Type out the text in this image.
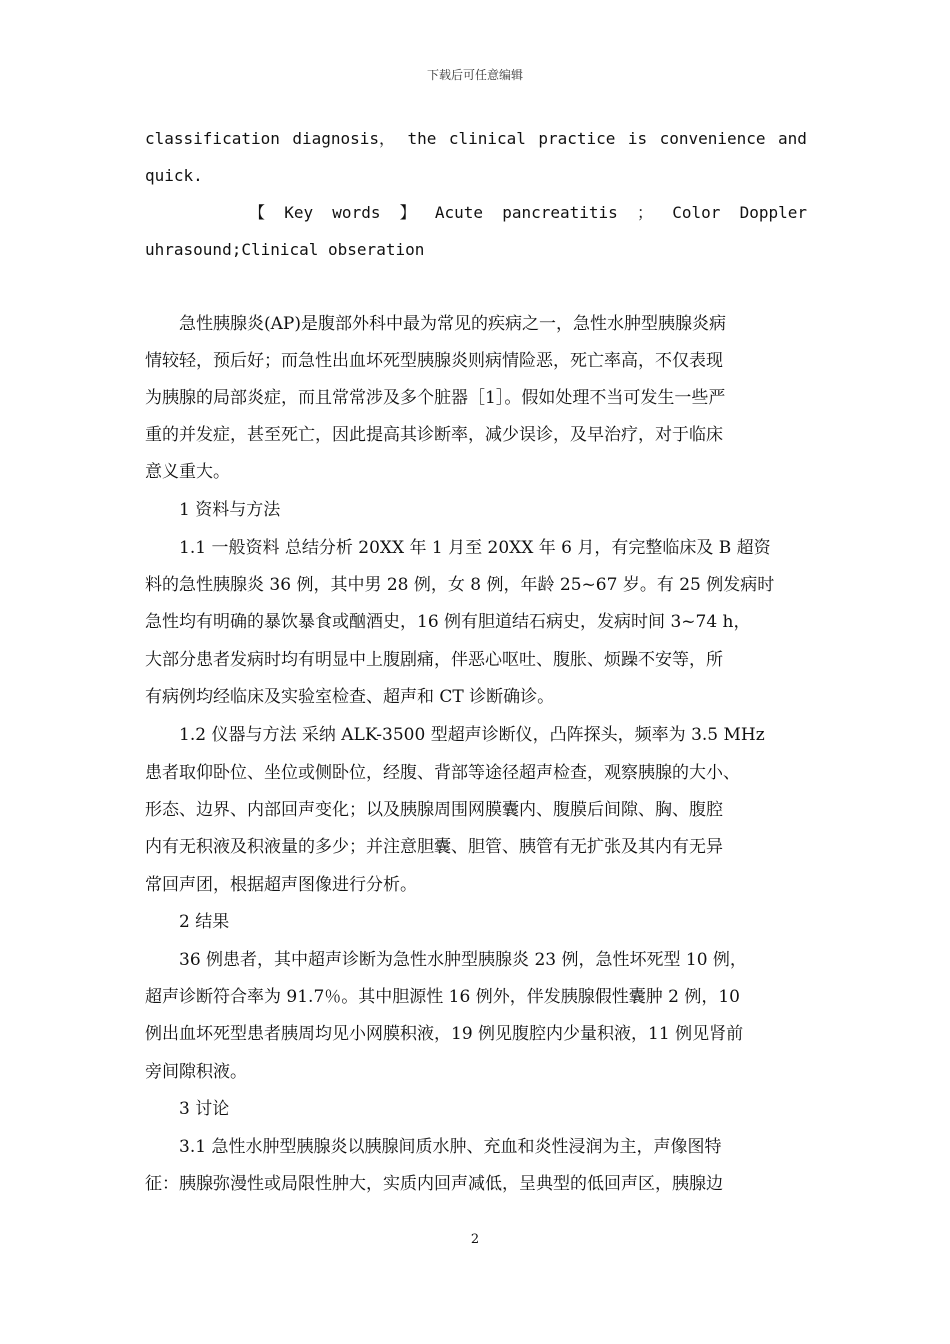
下载后可任意编辑
classification diagnosis， the clinical practice is convenience and
quick.
【 Key words 】 Acute pancreatitis ； Color Doppler
uhrasound;Clinical obseration
　　急性胰腺炎(AP)是腹部外科中最为常见的疾病之一，急性水肿型胰腺炎病
情较轻，预后好；而急性出血坏死型胰腺炎则病情险恶，死亡率高，不仅表现
为胰腺的局部炎症，而且常常涉及多个脏器［1］。假如处理不当可发生一些严
重的并发症，甚至死亡，因此提高其诊断率，减少误诊，及早治疗，对于临床
意义重大。
　　1 资料与方法
　　1.1 一般资料 总结分析 20XX 年 1 月至 20XX 年 6 月，有完整临床及 B 超资
料的急性胰腺炎 36 例，其中男 28 例，女 8 例，年龄 25~67 岁。有 25 例发病时
急性均有明确的暴饮暴食或酗酒史，16 例有胆道结石病史，发病时间 3~74 h，
大部分患者发病时均有明显中上腹剧痛，伴恶心呕吐、腹胀、烦躁不安等，所
有病例均经临床及实验室检查、超声和 CT 诊断确诊。
　　1.2 仪器与方法 采纳 ALK-3500 型超声诊断仪，凸阵探头，频率为 3.5 MHz
患者取仰卧位、坐位或侧卧位，经腹、背部等途径超声检查，观察胰腺的大小、
形态、边界、内部回声变化；以及胰腺周围网膜囊内、腹膜后间隙、胸、腹腔
内有无积液及积液量的多少；并注意胆囊、胆管、胰管有无扩张及其内有无异
常回声团，根据超声图像进行分析。
　　2 结果
　　36 例患者，其中超声诊断为急性水肿型胰腺炎 23 例，急性坏死型 10 例，
超声诊断符合率为 91.7％。其中胆源性 16 例外，伴发胰腺假性囊肿 2 例，10
例出血坏死型患者胰周均见小网膜积液，19 例见腹腔内少量积液，11 例见肾前
旁间隙积液。
　　3 讨论
　　3.1 急性水肿型胰腺炎以胰腺间质水肿、充血和炎性浸润为主，声像图特
征：胰腺弥漫性或局限性肿大，实质内回声减低，呈典型的低回声区，胰腺边
2
